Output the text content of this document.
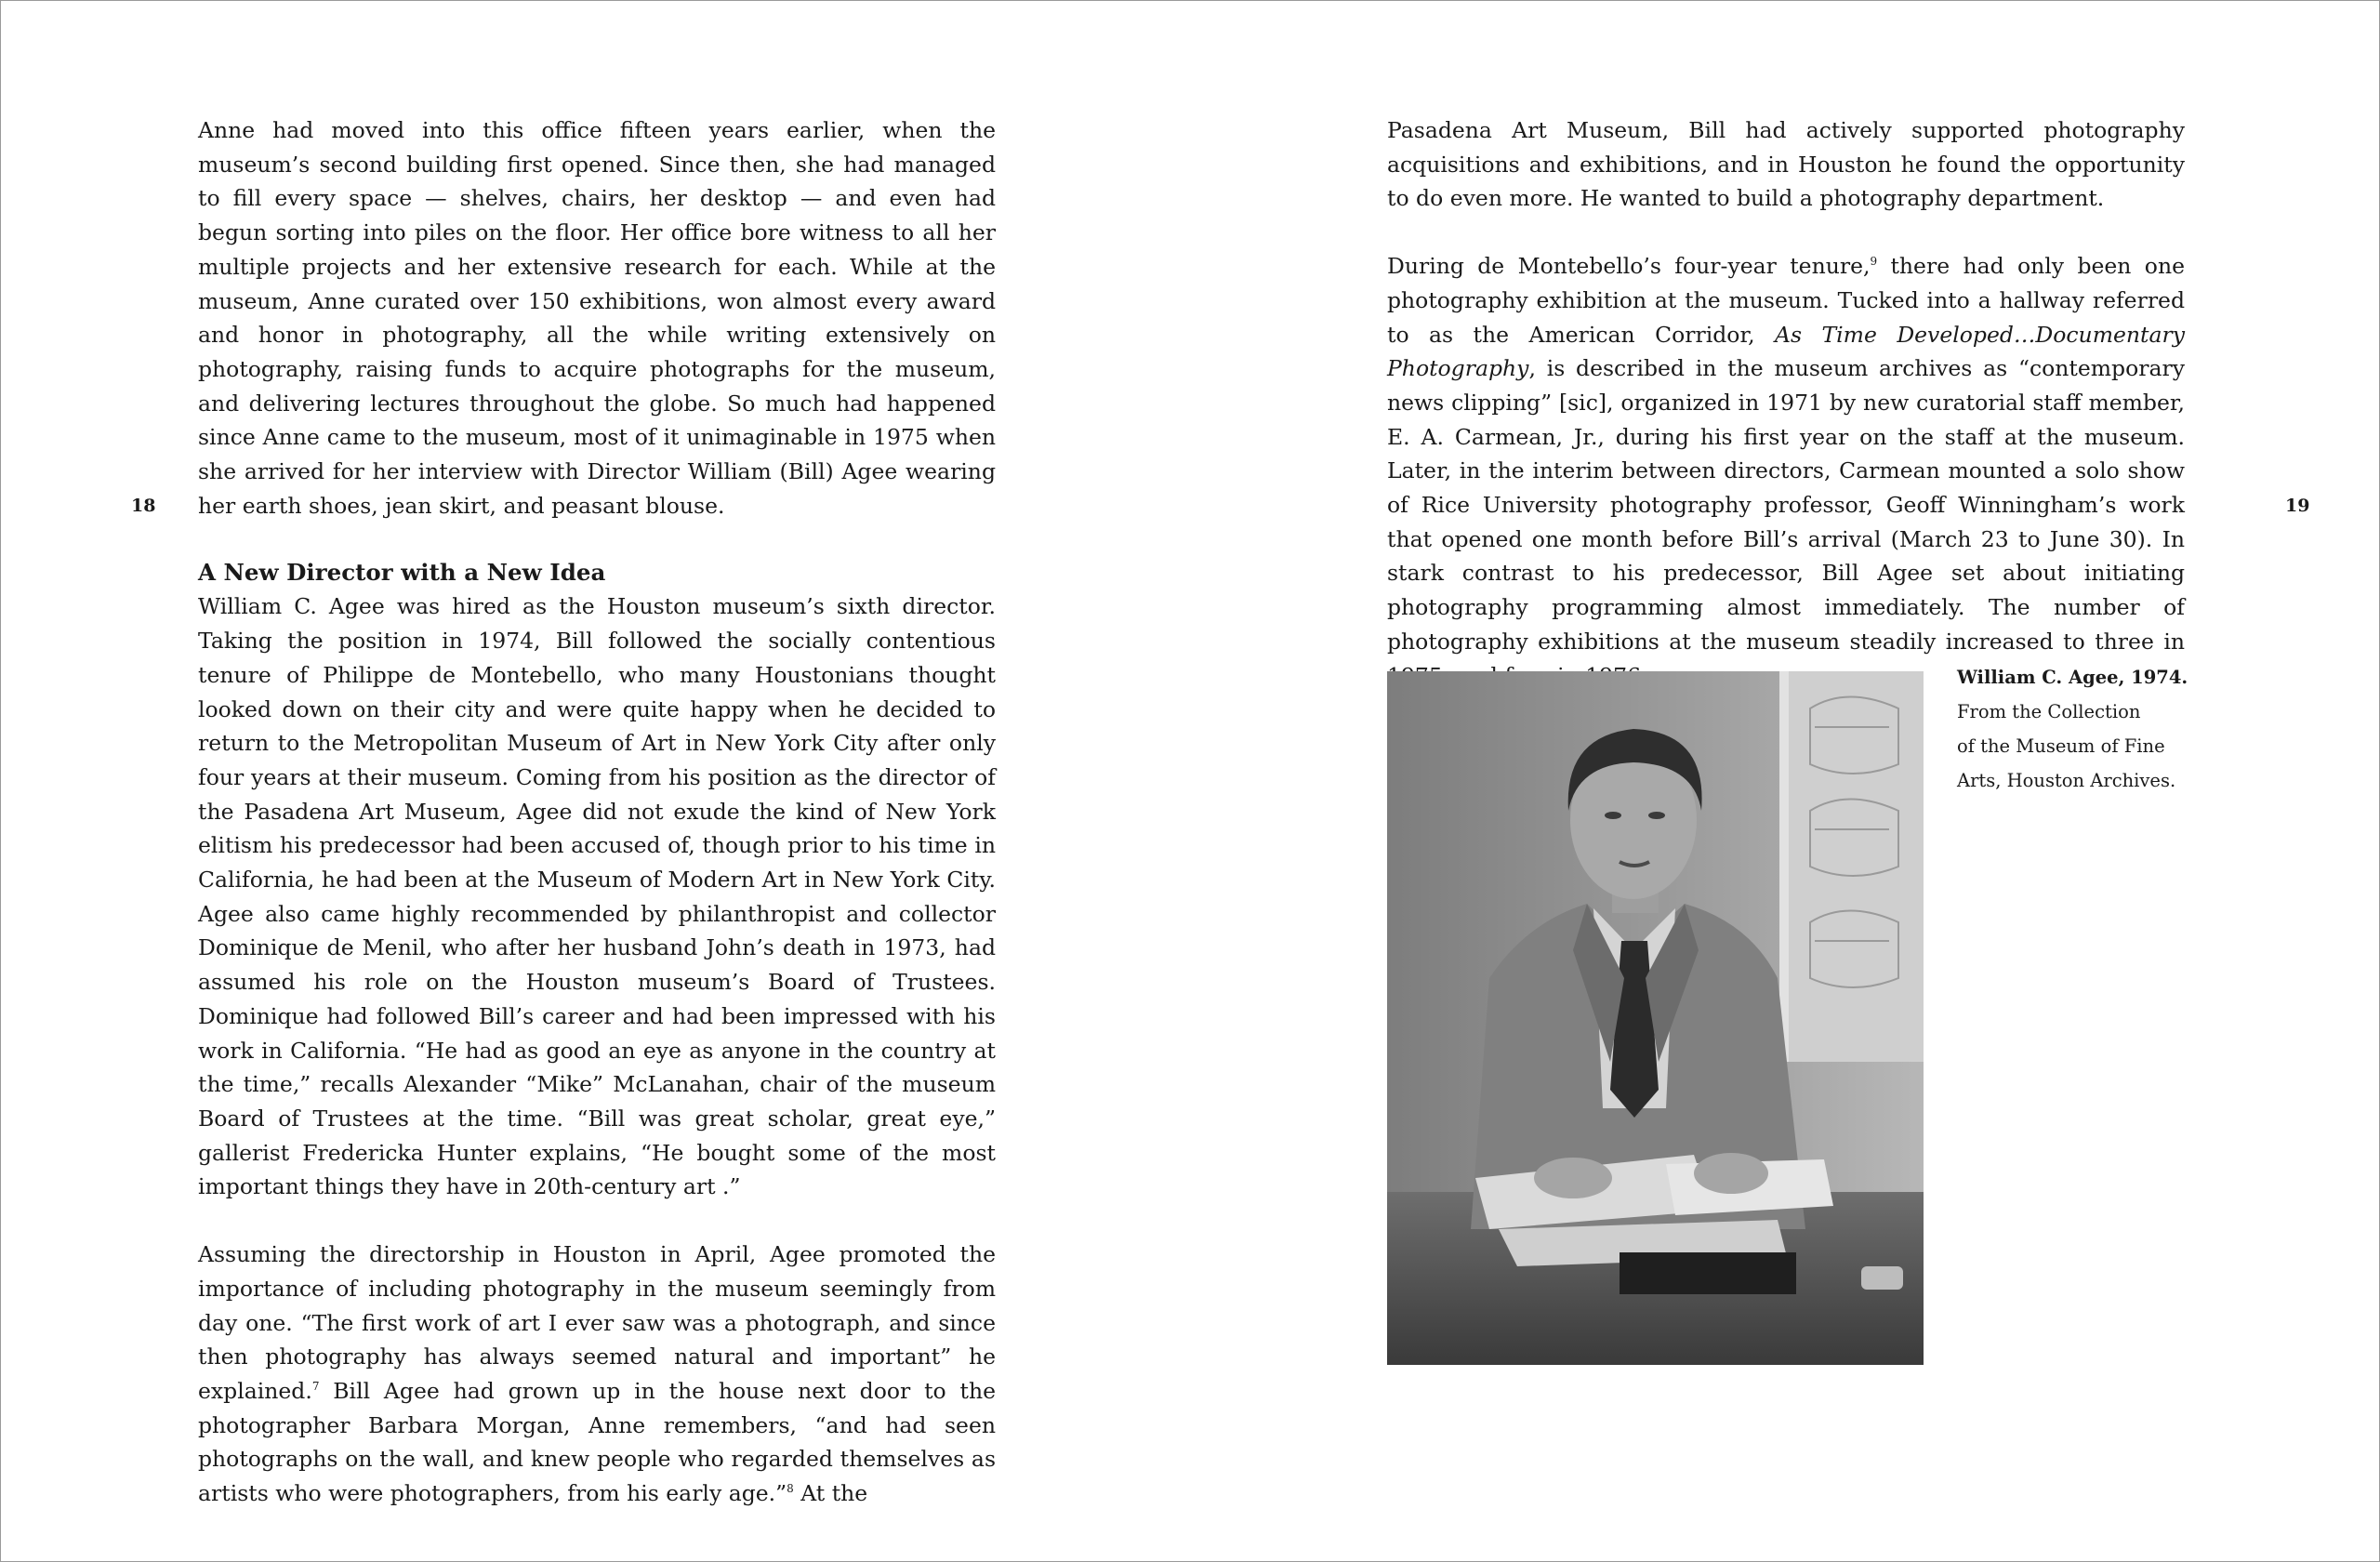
18	19

Anne had moved into this office fifteen years earlier, when the museum’s second building first opened. Since then, she had managed to fill every space — shelves, chairs, her desktop — and even had begun sorting into piles on the floor. Her office bore witness to all her multiple projects and her extensive research for each. While at the museum, Anne curated over 150 exhibitions, won almost every award and honor in photography, all the while writing extensively on photography, raising funds to acquire photographs for the museum, and delivering lectures throughout the globe. So much had happened since Anne came to the museum, most of it unimaginable in 1975 when she arrived for her interview with Director William (Bill) Agee wearing her earth shoes, jean skirt, and peasant blouse.

A New Director with a New Idea

William C. Agee was hired as the Houston museum’s sixth director. Taking the position in 1974, Bill followed the socially contentious tenure of Philippe de Montebello, who many Houstonians thought looked down on their city and were quite happy when he decided to return to the Metropolitan Museum of Art in New York City after only four years at their museum. Coming from his position as the director of the Pasadena Art Museum, Agee did not exude the kind of New York elitism his predecessor had been accused of, though prior to his time in California, he had been at the Museum of Modern Art in New York City. Agee also came highly recommended by philanthropist and collector Dominique de Menil, who after her husband John’s death in 1973, had assumed his role on the Houston museum’s Board of Trustees. Dominique had followed Bill’s career and had been impressed with his work in California. “He had as good an eye as anyone in the country at the time,” recalls Alexander “Mike” McLanahan, chair of the museum Board of Trustees at the time. “Bill was great scholar, great eye,” gallerist Fredericka Hunter explains, “He bought some of the most important things they have in 20th-century art .”

Assuming the directorship in Houston in April, Agee promoted the importance of including photography in the museum seemingly from day one. “The first work of art I ever saw was a photograph, and since then photography has always seemed natural and important” he explained.$^7$ Bill Agee had grown up in the house next door to the photographer Barbara Morgan, Anne remembers, “and had seen photographs on the wall, and knew people who regarded themselves as artists who were photographers, from his early age.”$^8$ At the

Pasadena Art Museum, Bill had actively supported photography acquisitions and exhibitions, and in Houston he found the opportunity to do even more. He wanted to build a photography department.

During de Montebello’s four-year tenure,$^9$ there had only been one photography exhibition at the museum. Tucked into a hallway referred to as the American Corridor, As Time Developed…Documentary Photography, is described in the museum archives as “contemporary news clipping” [sic], organized in 1971 by new curatorial staff member, E. A. Carmean, Jr., during his first year on the staff at the museum. Later, in the interim between directors, Carmean mounted a solo show of Rice University photography professor, Geoff Winningham’s work that opened one month before Bill’s arrival (March 23 to June 30). In stark contrast to his predecessor, Bill Agee set about initiating photography programming almost immediately. The number of photography exhibitions at the museum steadily increased to three in

William C. Agee, 1974.
From the Collection
of the Museum of Fine
Arts, Houston Archives.
